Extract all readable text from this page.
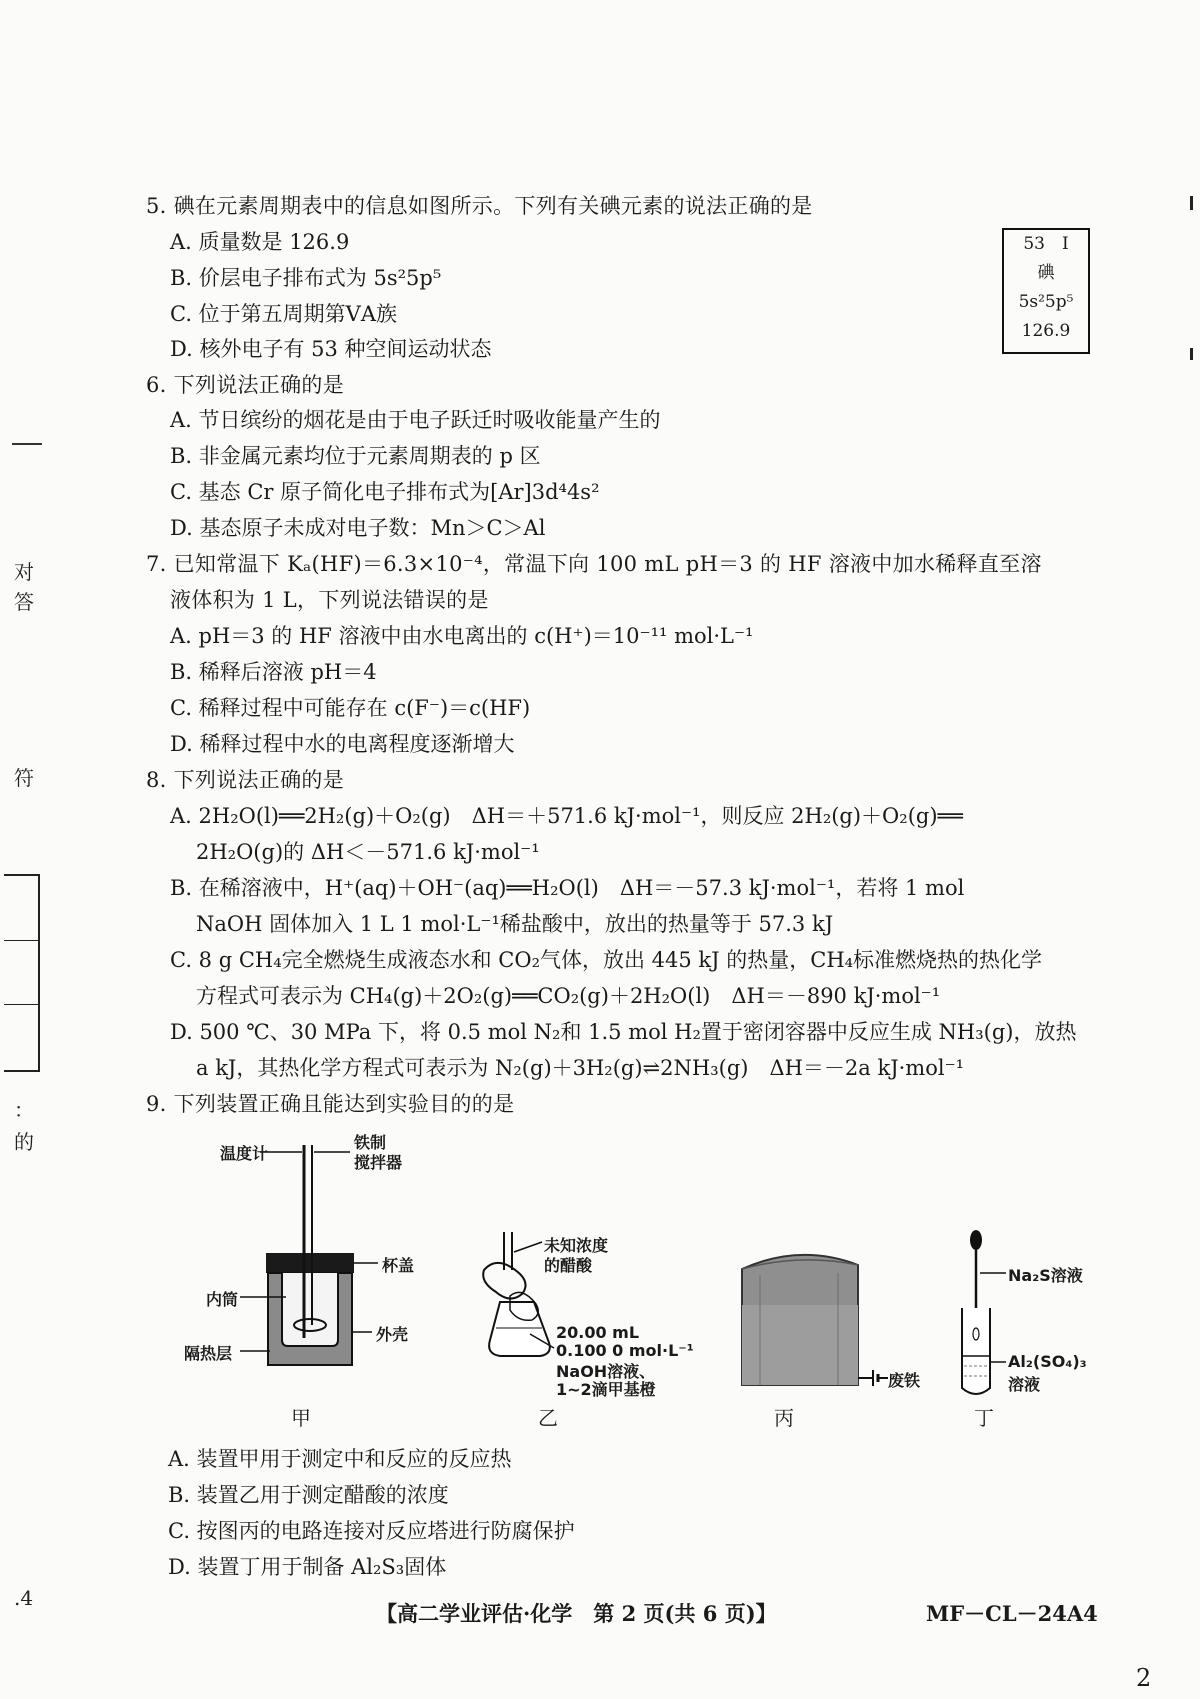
5. 碘在元素周期表中的信息如图所示。下列有关碘元素的说法正确的是
A. 质量数是 126.9
B. 价层电子排布式为 5s²5p⁵
C. 位于第五周期第ⅤA族
D. 核外电子有 53 种空间运动状态
53　I
碘
5s²5p⁵
126.9
6. 下列说法正确的是
A. 节日缤纷的烟花是由于电子跃迁时吸收能量产生的
B. 非金属元素均位于元素周期表的 p 区
C. 基态 Cr 原子简化电子排布式为[Ar]3d⁴4s²
D. 基态原子未成对电子数：Mn＞C＞Al
7. 已知常温下 Kₐ(HF)＝6.3×10⁻⁴，常温下向 100 mL pH＝3 的 HF 溶液中加水稀释直至溶
液体积为 1 L，下列说法错误的是
A. pH＝3 的 HF 溶液中由水电离出的 c(H⁺)＝10⁻¹¹ mol·L⁻¹
B. 稀释后溶液 pH＝4
C. 稀释过程中可能存在 c(F⁻)＝c(HF)
D. 稀释过程中水的电离程度逐渐增大
8. 下列说法正确的是
A. 2H₂O(l)══2H₂(g)＋O₂(g)　ΔH＝＋571.6 kJ·mol⁻¹，则反应 2H₂(g)＋O₂(g)══
2H₂O(g)的 ΔH＜－571.6 kJ·mol⁻¹
B. 在稀溶液中，H⁺(aq)＋OH⁻(aq)══H₂O(l)　ΔH＝－57.3 kJ·mol⁻¹，若将 1 mol
NaOH 固体加入 1 L 1 mol·L⁻¹稀盐酸中，放出的热量等于 57.3 kJ
C. 8 g CH₄完全燃烧生成液态水和 CO₂气体，放出 445 kJ 的热量，CH₄标准燃烧热的热化学
方程式可表示为 CH₄(g)＋2O₂(g)══CO₂(g)＋2H₂O(l)　ΔH＝－890 kJ·mol⁻¹
D. 500 ℃、30 MPa 下，将 0.5 mol N₂和 1.5 mol H₂置于密闭容器中反应生成 NH₃(g)，放热
a kJ，其热化学方程式可表示为 N₂(g)＋3H₂(g)⇌2NH₃(g)　ΔH＝－2a kJ·mol⁻¹
9. 下列装置正确且能达到实验目的的是
温度计
铁制
搅拌器
杯盖
内筒
外壳
隔热层
甲
未知浓度
的醋酸
20.00 mL
0.100 0 mol·L⁻¹
NaOH溶液、
1~2滴甲基橙
乙
废铁
丙
Na₂S溶液
Al₂(SO₄)₃
溶液
丁
A. 装置甲用于测定中和反应的反应热
B. 装置乙用于测定醋酸的浓度
C. 按图丙的电路连接对反应塔进行防腐保护
D. 装置丁用于制备 Al₂S₃固体
【高二学业评估·化学　第 2 页(共 6 页)】	MF－CL－24A4
2
对
答
符
：
的
.4
